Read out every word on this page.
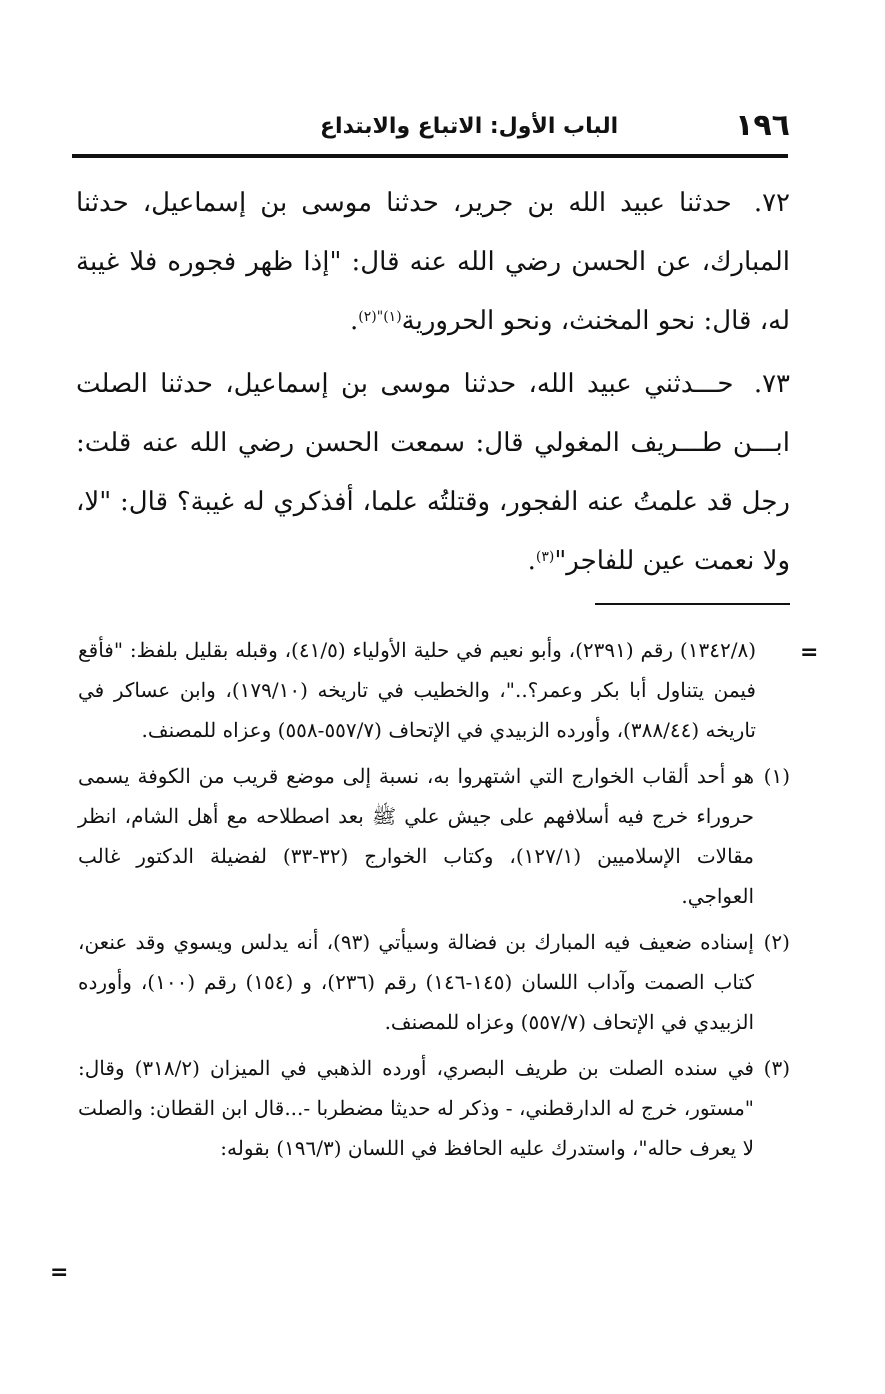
١٩٦
الباب الأول: الاتباع والابتداع

٧٢. حدثنا عبيد الله بن جرير، حدثنا موسى بن إسماعيل، حدثنا المبارك، عن الحسن رضي الله عنه قال: "إذا ظهر فجوره فلا غيبة له، قال: نحو المخنث، ونحو الحرورية$^{(١)"(٢)}$.

٧٣. حـــدثني عبيد الله، حدثنا موسى بن إسماعيل، حدثنا الصلت ابـــن طـــريف المغولي قال: سمعت الحسن رضي الله عنه قلت: رجل قد علمتُ عنه الفجور، وقتلتُه علما، أفذكري له غيبة؟ قال: "لا، ولا نعمت عين للفاجر"$^{(٣)}$.

=
(١٣٤٢/٨) رقم (٢٣٩١)، وأبو نعيم في حلية الأولياء (٤١/٥)، وقبله بقليل بلفظ: "فأقع فيمن يتناول أبا بكر وعمر؟.."، والخطيب في تاريخه (١٧٩/١٠)، وابن عساكر في تاريخه (٣٨٨/٤٤)، وأورده الزبيدي في الإتحاف (٥٥٧/٧-٥٥٨) وعزاه للمصنف.
(١)هو أحد ألقاب الخوارج التي اشتهروا به، نسبة إلى موضع قريب من الكوفة يسمى حروراء خرج فيه أسلافهم على جيش علي ﷺ بعد اصطلاحه مع أهل الشام، انظر مقالات الإسلاميين (١٢٧/١)، وكتاب الخوارج (٣٢-٣٣) لفضيلة الدكتور غالب العواجي.
(٢)إسناده ضعيف فيه المبارك بن فضالة وسيأتي (٩٣)، أنه يدلس ويسوي وقد عنعن، كتاب الصمت وآداب اللسان (١٤٥-١٤٦) رقم (٢٣٦)، و (١٥٤) رقم (١٠٠)، وأورده الزبيدي في الإتحاف (٥٥٧/٧) وعزاه للمصنف.
(٣)في سنده الصلت بن طريف البصري، أورده الذهبي في الميزان (٣١٨/٢) وقال: "مستور، خرج له الدارقطني، - وذكر له حديثا مضطربا -...قال ابن القطان: والصلت لا يعرف حاله"، واستدرك عليه الحافظ في اللسان (١٩٦/٣) بقوله:
=
